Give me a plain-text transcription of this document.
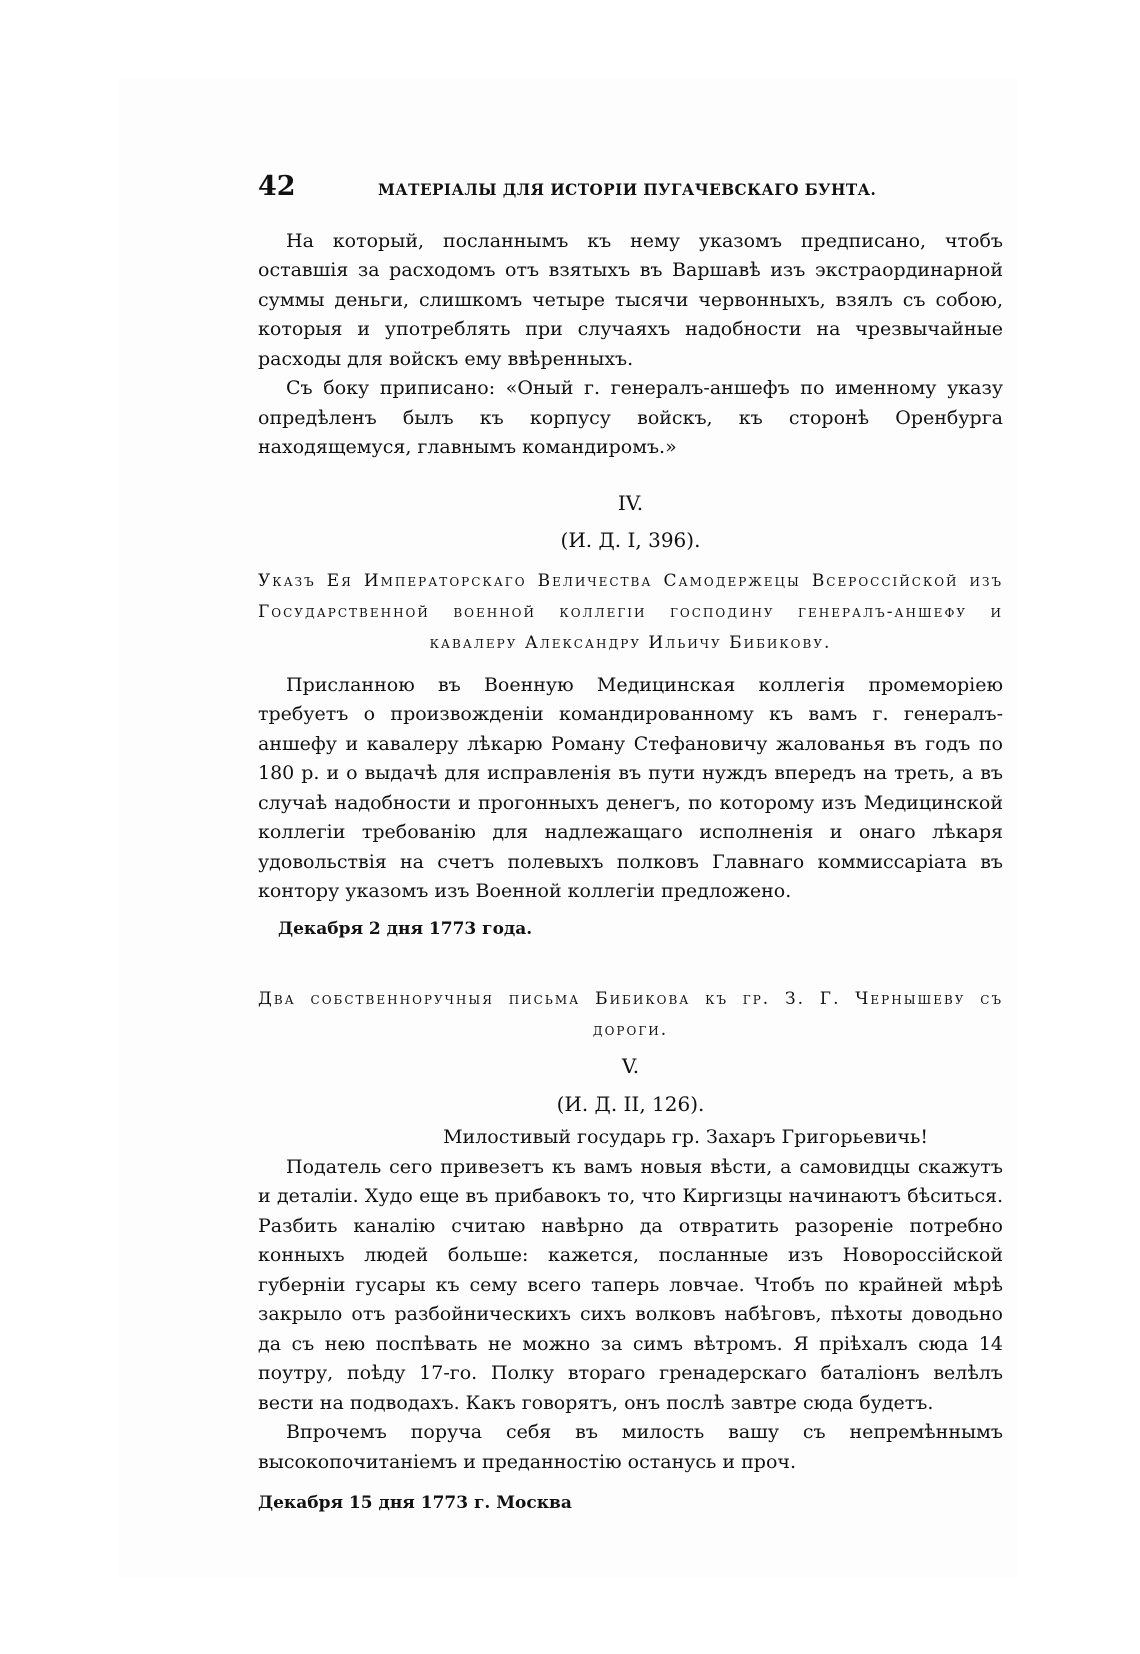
42	МАТЕРІАЛЫ ДЛЯ ИСТОРІИ ПУГАЧЕВСКАГО БУНТА.

На который, посланнымъ къ нему указомъ предписано, чтобъ оставшія за расходомъ отъ взятыхъ въ Варшавѣ изъ экстраординарной суммы деньги, слишкомъ четыре тысячи червонныхъ, взялъ съ собою, которыя и употреблять при случаяхъ надобности на чрезвычайные расходы для войскъ ему ввѣренныхъ.

Съ боку приписано: «Оный г. генералъ-аншефъ по именному указу опредѣленъ былъ къ корпусу войскъ, къ сторонѣ Оренбурга находящемуся, главнымъ командиромъ.»

IV.

(И. Д. I, 396).

Указъ Ея Императорскаго Величества Самодержецы Всероссійской изъ Государственной военной коллегіи господину генералъ-аншефу и кавалеру Александру Ильичу Бибикову.

Присланною въ Военную Медицинская коллегія промеморіею требуетъ о произвожденіи командированному къ вамъ г. генералъ-аншефу и кавалеру лѣкарю Роману Стефановичу жалованья въ годъ по 180 р. и о выдачѣ для исправленія въ пути нуждъ впередъ на треть, а въ случаѣ надобности и прогонныхъ денегъ, по которому изъ Медицинской коллегіи требованію для надлежащаго исполненія и онаго лѣкаря удовольствія на счетъ полевыхъ полковъ Главнаго коммиссаріата въ контору указомъ изъ Военной коллегіи предложено.

Декабря 2 дня 1773 года.

Два собственноручныя письма Бибикова къ гр. З. Г. Чернышеву съ дороги.

V.

(И. Д. II, 126).

Милостивый государь гр. Захаръ Григорьевичь!

Податель сего привезетъ къ вамъ новыя вѣсти, а самовидцы скажутъ и деталіи. Худо еще въ прибавокъ то, что Киргизцы начинаютъ бѣситься. Разбить каналію считаю навѣрно да отвратить разореніе потребно конныхъ людей больше: кажется, посланные изъ Новороссійской губерніи гусары къ сему всего таперь ловчае. Чтобъ по крайней мѣрѣ закрыло отъ разбойническихъ сихъ волковъ набѣговъ, пѣхоты доводьно да съ нею поспѣвать не можно за симъ вѣтромъ. Я пріѣхалъ сюда 14 поутру, поѣду 17-го. Полку втораго гренадерскаго баталіонъ велѣлъ вести на подводахъ. Какъ говорятъ, онъ послѣ завтре сюда будетъ.

Впрочемъ поруча себя въ милость вашу съ непремѣннымъ высокопочитаніемъ и преданностію останусь и проч.

Декабря 15 дня 1773 г. Москва
